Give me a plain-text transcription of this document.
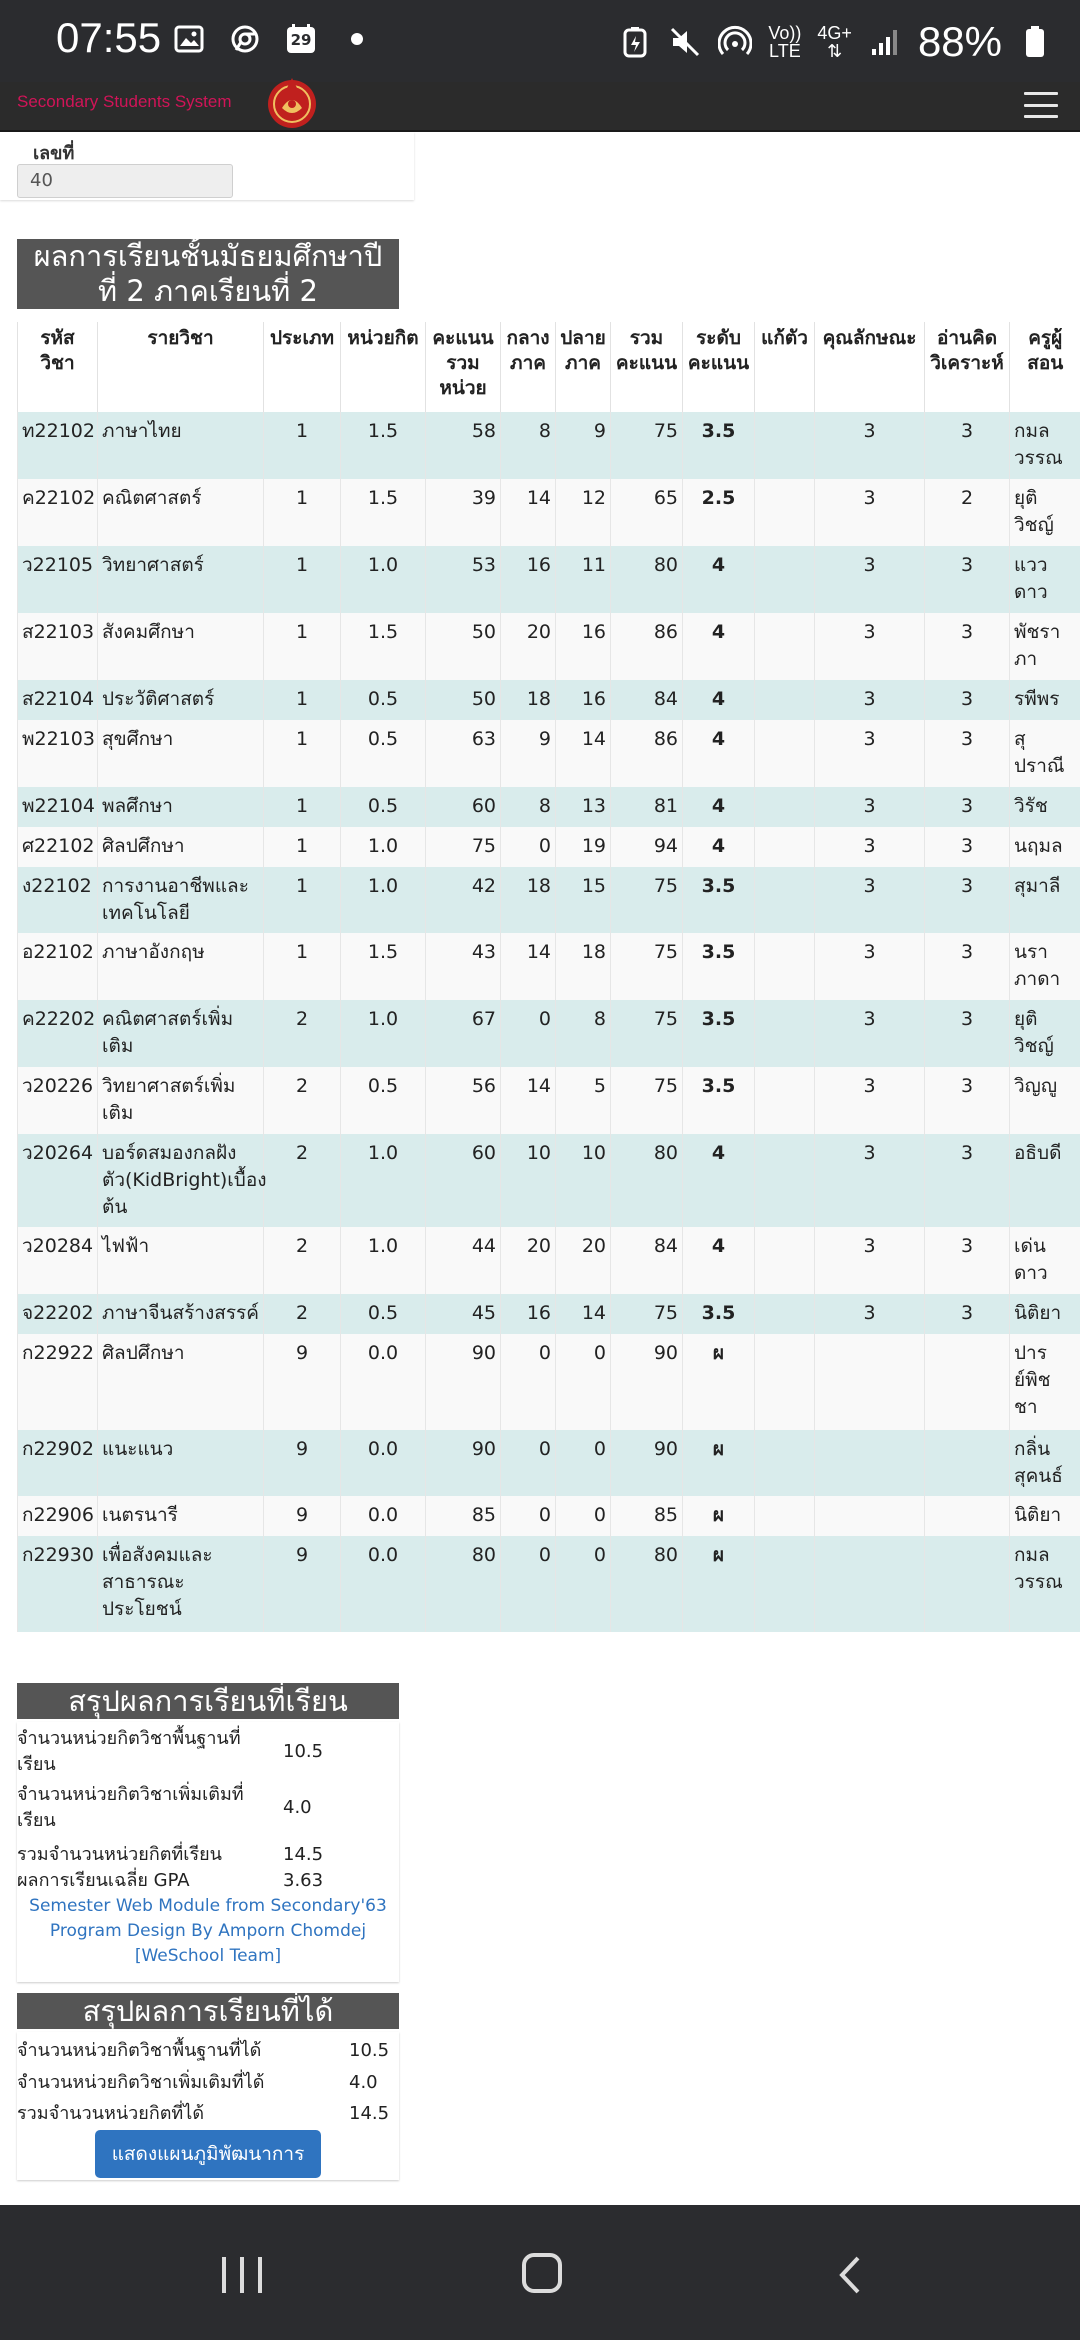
07:55	29	Vo))
LTE
4G+
⇅ 88%
Secondary Students System
เลขที่
40
ผลการเรียนชั้นมัธยมศึกษาปี
ที่ 2 ภาคเรียนที่ 2
รหัส วิชา	รายวิชา	ประเภท	หน่วยกิต	คะแนน รวม หน่วย	กลาง ภาค	ปลาย ภาค	รวม คะแนน	ระดับ คะแนน	แก้ตัว	คุณลักษณะ	อ่านคิด วิเคราะห์	ครูผู้ สอน
ท22102	ภาษาไทย	1	1.5	58	8	9	75	3.5		3	3	กมล วรรณ
ค22102	คณิตศาสตร์	1	1.5	39	14	12	65	2.5		3	2	ยุติ วิชญ์
ว22105	วิทยาศาสตร์	1	1.0	53	16	11	80	4		3	3	แวว ดาว
ส22103	สังคมศึกษา	1	1.5	50	20	16	86	4		3	3	พัชรา ภา
ส22104	ประวัติศาสตร์	1	0.5	50	18	16	84	4		3	3	รพีพร
พ22103	สุขศึกษา	1	0.5	63	9	14	86	4		3	3	สุ ปราณี
พ22104	พลศึกษา	1	0.5	60	8	13	81	4		3	3	วิรัช
ศ22102	ศิลปศึกษา	1	1.0	75	0	19	94	4		3	3	นฤมล
ง22102	การงานอาชีพและ เทคโนโลยี	1	1.0	42	18	15	75	3.5		3	3	สุมาลี
อ22102	ภาษาอังกฤษ	1	1.5	43	14	18	75	3.5		3	3	นรา ภาดา
ค22202	คณิตศาสตร์เพิ่ม เติม	2	1.0	67	0	8	75	3.5		3	3	ยุติ วิชญ์
ว20226	วิทยาศาสตร์เพิ่ม เติม	2	0.5	56	14	5	75	3.5		3	3	วิญญู
ว20264	บอร์ดสมองกลฝัง ตัว(KidBright)เบื้อง ต้น	2	1.0	60	10	10	80	4		3	3	อธิบดี
ว20284	ไฟฟ้า	2	1.0	44	20	20	84	4		3	3	เด่น ดาว
จ22202	ภาษาจีนสร้างสรรค์	2	0.5	45	16	14	75	3.5		3	3	นิติยา
ก22922	ศิลปศึกษา	9	0.0	90	0	0	90	ผ				ปาร ย์พิช ชา
ก22902	แนะแนว	9	0.0	90	0	0	90	ผ				กลิ่น สุคนธ์
ก22906	เนตรนารี	9	0.0	85	0	0	85	ผ				นิติยา
ก22930	เพื่อสังคมและ สาธารณะ ประโยชน์	9	0.0	80	0	0	80	ผ				กมล วรรณ
สรุปผลการเรียนที่เรียน
จำนวนหน่วยกิตวิชาพื้นฐานที่เรียน
10.5
จำนวนหน่วยกิตวิชาเพิ่มเติมที่เรียน
4.0
รวมจำนวนหน่วยกิตที่เรียน	14.5
ผลการเรียนเฉลี่ย GPA	3.63
Semester Web Module from Secondary'63 Program Design By Amporn Chomdej [WeSchool Team]
สรุปผลการเรียนที่ได้
จำนวนหน่วยกิตวิชาพื้นฐานที่ได้	10.5
จำนวนหน่วยกิตวิชาเพิ่มเติมที่ได้	4.0
รวมจำนวนหน่วยกิตที่ได้	14.5
แสดงแผนภูมิพัฒนาการ
